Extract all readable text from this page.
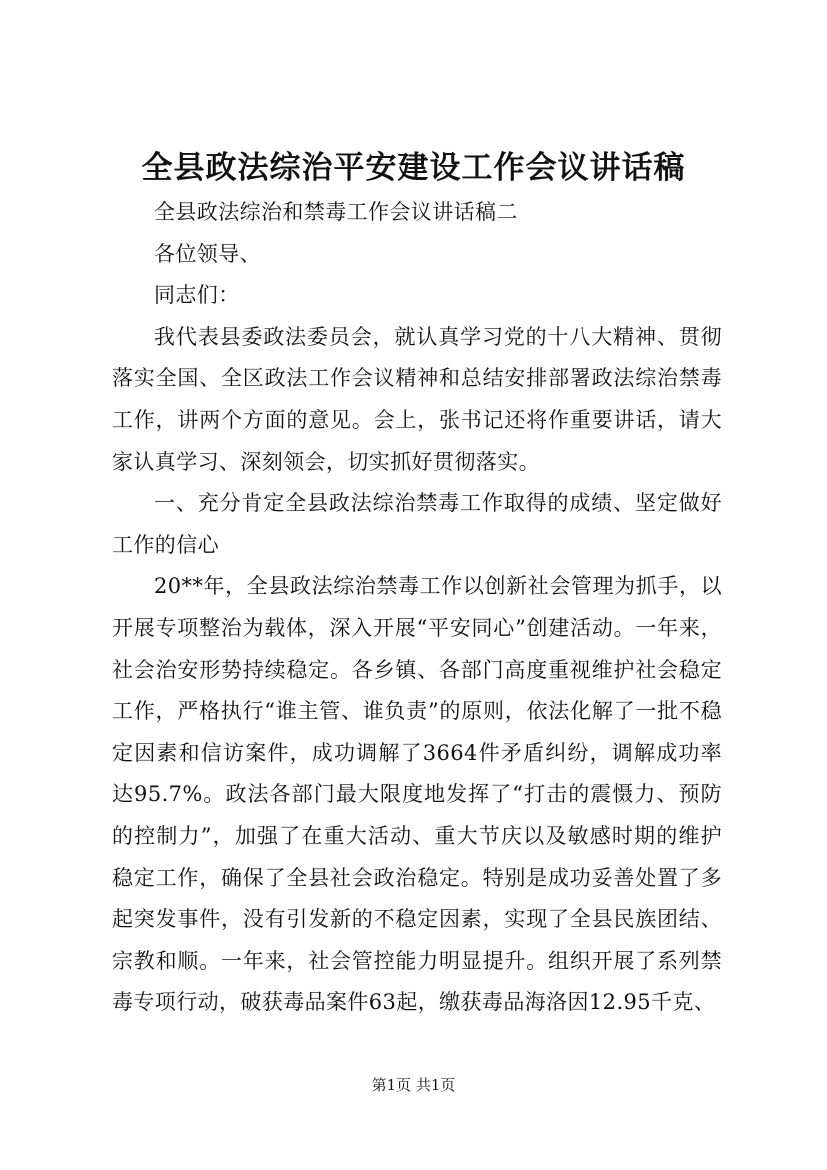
全县政法综治平安建设工作会议讲话稿

全县政法综治和禁毒工作会议讲话稿二

各位领导、

同志们：

我代表县委政法委员会，就认真学习党的十八大精神、贯彻落实全国、全区政法工作会议精神和总结安排部署政法综治禁毒工作，讲两个方面的意见。会上，张书记还将作重要讲话，请大家认真学习、深刻领会，切实抓好贯彻落实。

一、充分肯定全县政法综治禁毒工作取得的成绩、坚定做好工作的信心

20**年，全县政法综治禁毒工作以创新社会管理为抓手，以开展专项整治为载体，深入开展“平安同心”创建活动。一年来，社会治安形势持续稳定。各乡镇、各部门高度重视维护社会稳定工作，严格执行“谁主管、谁负责”的原则，依法化解了一批不稳定因素和信访案件，成功调解了3664件矛盾纠纷，调解成功率达95.7%。政法各部门最大限度地发挥了“打击的震慑力、预防的控制力”，加强了在重大活动、重大节庆以及敏感时期的维护稳定工作，确保了全县社会政治稳定。特别是成功妥善处置了多起突发事件，没有引发新的不稳定因素，实现了全县民族团结、宗教和顺。一年来，社会管控能力明显提升。组织开展了系列禁毒专项行动，破获毒品案件63起，缴获毒品海洛因12.95千克、

第1页 共1页
